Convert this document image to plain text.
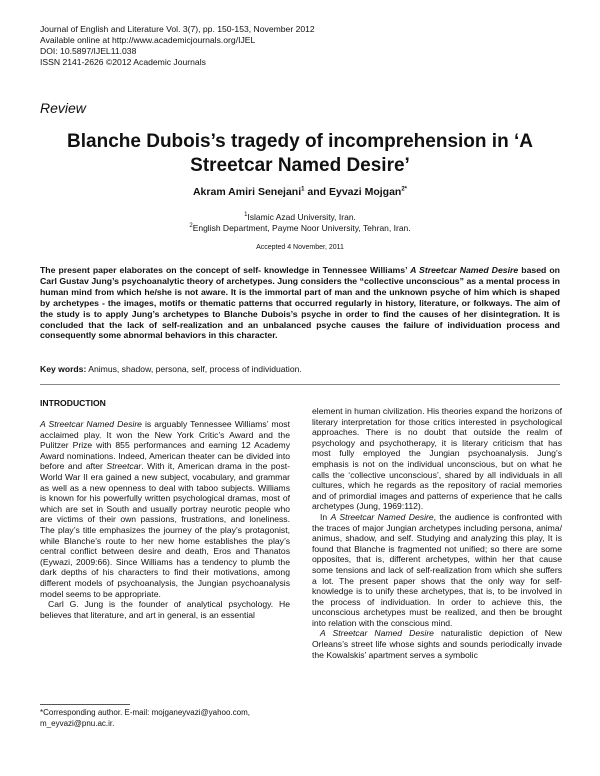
Journal of English and Literature Vol. 3(7), pp. 150-153, November 2012
Available online at http://www.academicjournals.org/IJEL
DOI: 10.5897/IJEL11.038
ISSN 2141-2626 ©2012 Academic Journals
Review
Blanche Dubois’s tragedy of incomprehension in ‘A Streetcar Named Desire’
Akram Amiri Senejani$^1$ and Eyvazi Mojgan$^{2*}$
$^1$Islamic Azad University, Iran.
$^2$English Department, Payme Noor University, Tehran, Iran.
Accepted 4 November, 2011
The present paper elaborates on the concept of self- knowledge in Tennessee Williams’ A Streetcar Named Desire based on Carl Gustav Jung’s psychoanalytic theory of archetypes. Jung considers the “collective unconscious” as a mental process in human mind from which he/she is not aware. It is the immortal part of man and the unknown psyche of him which is shaped by archetypes - the images, motifs or thematic patterns that occurred regularly in history, literature, or folkways. The aim of the study is to apply Jung’s archetypes to Blanche Dubois’s psyche in order to find the causes of her disintegration. It is concluded that the lack of self-realization and an unbalanced psyche causes the failure of individuation process and consequently some abnormal behaviors in this character.
Key words: Animus, shadow, persona, self, process of individuation.
INTRODUCTION

A Streetcar Named Desire is arguably Tennessee Williams’ most acclaimed play. It won the New York Critic’s Award and the Pulitzer Prize with 855 performances and earning 12 Academy Award nominations. Indeed, American theater can be divided into before and after Streetcar. With it, American drama in the post-World War II era gained a new subject, vocabulary, and grammar as well as a new openness to deal with taboo subjects. Williams is known for his powerfully written psychological dramas, most of which are set in South and usually portray neurotic people who are victims of their own passions, frustrations, and loneliness. The play’s title emphasizes the journey of the play’s protagonist, while Blanche’s route to her new home establishes the play’s central conflict between desire and death, Eros and Thanatos (Eywazi, 2009:66). Since Williams has a tendency to plumb the dark depths of his characters to find their motivations, among different models of psychoanalysis, the Jungian psychoanalysis model seems to be appropriate.

Carl G. Jung is the founder of analytical psychology. He believes that literature, and art in general, is an essential

element in human civilization. His theories expand the horizons of literary interpretation for those critics interested in psychological approaches. There is no doubt that outside the realm of psychology and psychotherapy, it is literary criticism that has most fully employed the Jungian psychoanalysis. Jung’s emphasis is not on the individual unconscious, but on what he calls the ‘collective unconscious’, shared by all individuals in all cultures, which he regards as the repository of racial memories and of primordial images and patterns of experience that he calls archetypes (Jung, 1969:112).

In A Streetcar Named Desire, the audience is confronted with the traces of major Jungian archetypes including persona, anima/ animus, shadow, and self. Studying and analyzing this play, It is found that Blanche is fragmented not unified; so there are some opposites, that is, different archetypes, within her that cause some tensions and lack of self-realization from which she suffers a lot. The present paper shows that the only way for self-knowledge is to unify these archetypes, that is, to be involved in the process of individuation. In order to achieve this, the unconscious archetypes must be realized, and then be brought into relation with the conscious mind.

A Streetcar Named Desire naturalistic depiction of New Orleans’s street life whose sights and sounds periodically invade the Kowalskis’ apartment serves a symbolic

*Corresponding author. E-mail: mojganeyvazi@yahoo.com, m_eyvazi@pnu.ac.ir.
